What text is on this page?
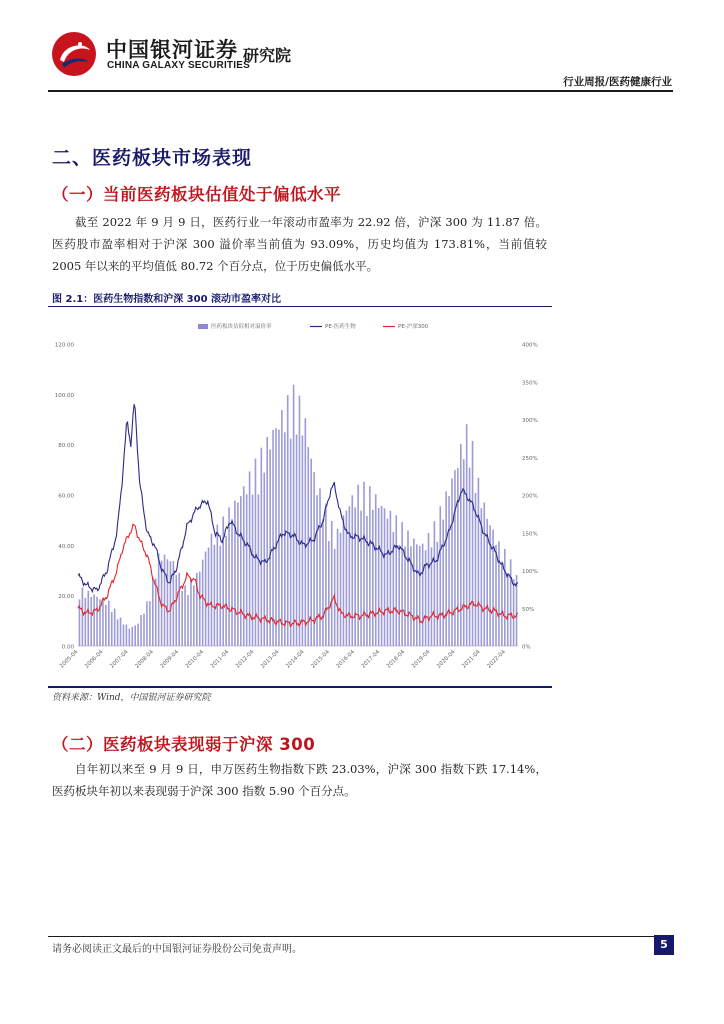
中国银河证券
CHINA GALAXY SECURITIES
研究院
行业周报/医药健康行业
二、医药板块市场表现
（一）当前医药板块估值处于偏低水平
截至 2022 年 9 月 9 日，医药行业一年滚动市盈率为 22.92 倍，沪深 300 为 11.87 倍。医药股市盈率相对于沪深 300 溢价率当前值为 93.09%，历史均值为 173.81%，当前值较 2005 年以来的平均值低 80.72 个百分点，位于历史偏低水平。
图 2.1：医药生物指数和沪深 300 滚动市盈率对比
0.00
20.00
40.00
60.00
80.00
100.00
120.00
0%
50%
100%
150%
200%
250%
300%
350%
400%
2005-04 2006-04 2007-04 2008-04 2009-04 2010-04 2011-04 2012-04 2013-04 2014-04 2015-04 2016-04 2017-04 2018-04 2019-04 2020-04 2021-04 2022-04
医药板块估值相对溢价率	PE-医药生物	PE-沪深300
资料来源：Wind，中国银河证券研究院
（二）医药板块表现弱于沪深 300
自年初以来至 9 月 9 日，申万医药生物指数下跌 23.03%，沪深 300 指数下跌 17.14%，医药板块年初以来表现弱于沪深 300 指数 5.90 个百分点。
请务必阅读正文最后的中国银河证券股份公司免责声明。	5
